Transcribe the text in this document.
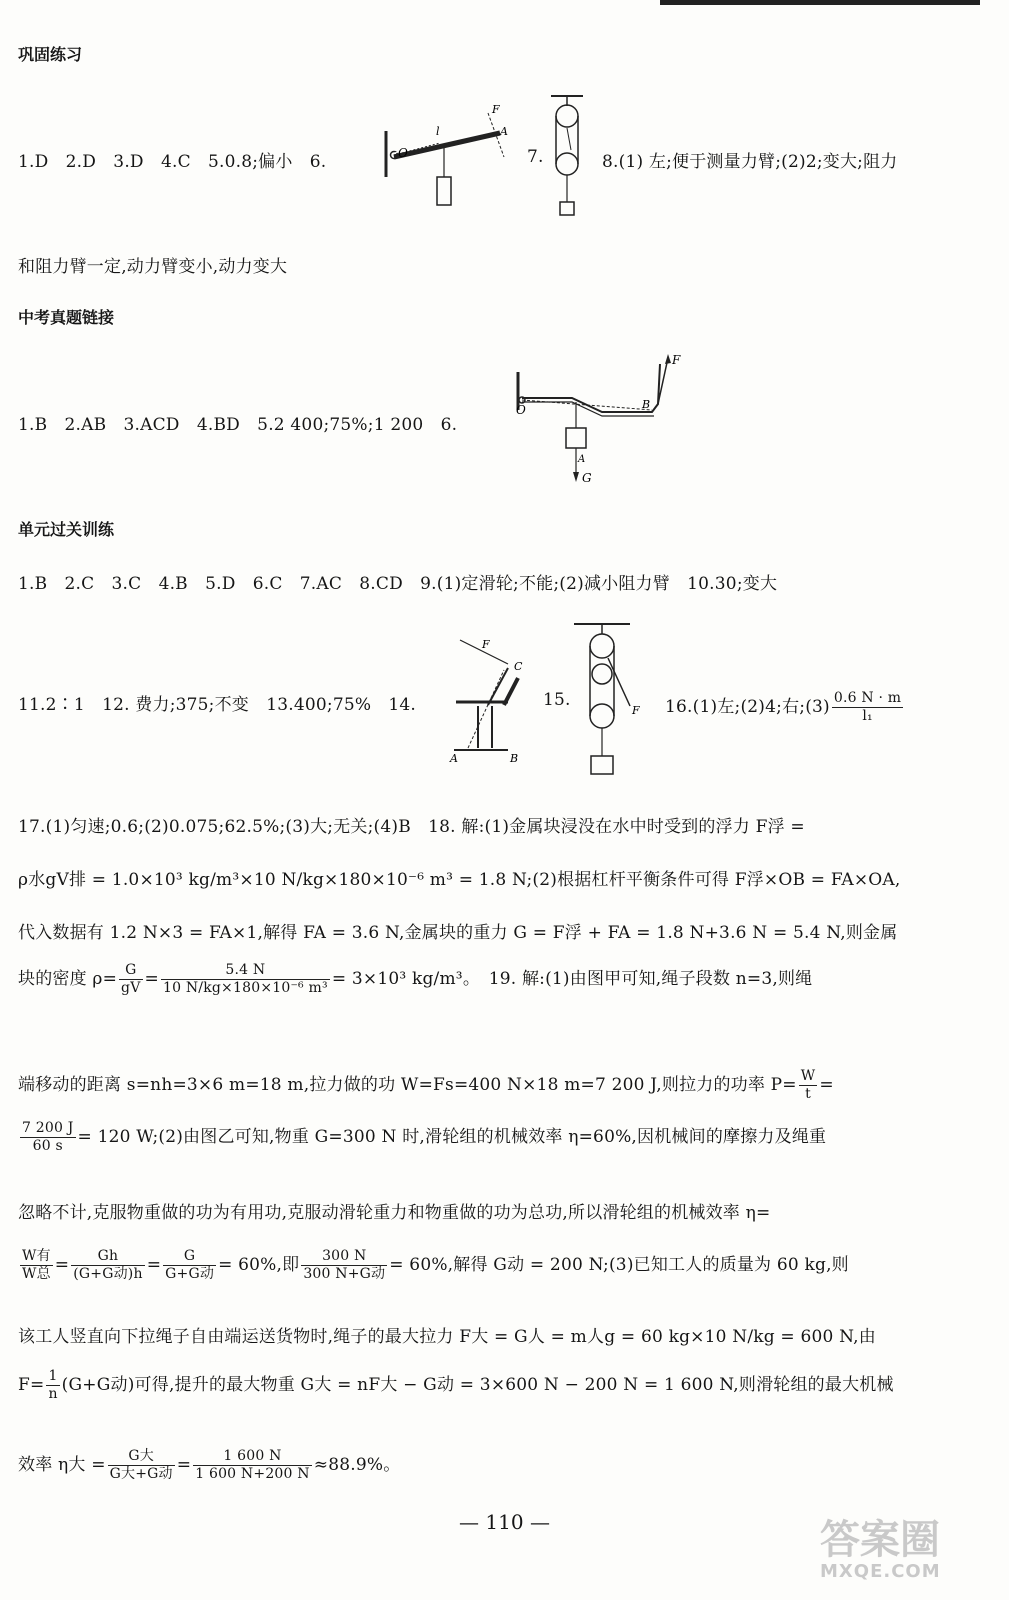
巩固练习
1.D　2.D　3.D　4.C　5.0.8;偏小　6.	O
l	A
F
7.	8.(1) 左;便于测量力臂;(2)2;变大;阻力
和阻力臂一定,动力臂变小,动力变大
中考真题链接
1.B　2.AB　3.ACD　4.BD　5.2 400;75%;1 200　6.
O	B
F
A
G
单元过关训练
1.B　2.C　3.C　4.B　5.D　6.C　7.AC　8.CD　9.(1)定滑轮;不能;(2)减小阻力臂　10.30;变大
11.2∶1　12. 费力;375;不变　13.400;75%　14.
F
C
A	B
15.
F 16.(1)左;(2)4;右;(3) $\frac{0.6 N \cdot m}{\text{l₁}}$
17.(1)匀速;0.6;(2)0.075;62.5%;(3)大;无关;(4)B　18. 解:(1)金属块浸没在水中时受到的浮力 F浮 =
ρ水gV排 = 1.0×10³ kg/m³×10 N/kg×180×10⁻⁶ m³ = 1.8 N;(2)根据杠杆平衡条件可得 F浮×OB = FA×OA,
代入数据有 1.2 N×3 = FA×1,解得 FA = 3.6 N,金属块的重力 G = F浮 + FA = 1.8 N+3.6 N = 5.4 N,则金属
块的密度 $\rho= \frac{G}{gV} = \frac{5.4 N}{\text{10 N/kg×180×10⁻⁶ m³}} = 3\times 10^3$ kg/m³。　19. 解:(1)由图甲可知,绳子段数 n=3,则绳
端移动的距离 s=nh=3×6 m=18 m,拉力做的功 W=Fs=400 N×18 m=7 200 J,则拉力的功率 $P= \frac{W}{t}$ =
$\frac{7 200 J}{60 s} = 120$ W;(2)由图乙可知,物重 G=300 N 时,滑轮组的机械效率 η=60%,因机械间的摩擦力及绳重
忽略不计,克服物重做的功为有用功,克服动滑轮重力和物重做的功为总功,所以滑轮组的机械效率 η=
$\frac{\text{W有}}{\text{W总}} = \frac{Gh}{\text{(G+G动)h}} = \frac{G}{\text{G+G动}} = 60\%$,即 $\frac{300 N}{\text{300 N+G动}} = 60\%$,解得 G动 = 200 N;(3)已知工人的质量为 60 kg,则
该工人竖直向下拉绳子自由端运送货物时,绳子的最大拉力 F大 = G人 = m人g = 60 kg×10 N/kg = 600 N,由
$F= \frac{1}{n} (G+G$动)可得,提升的最大物重 G大 = nF大 − G动 = 3×600 N − 200 N = 1 600 N,则滑轮组的最大机械
效率 η大 = $\frac{\text{G大}}{\text{G大+G动}} = \frac{1 600 N}{1 600 N+200 N} \approx 88.9\%$。
— 110 —	答案圈
MXQE.COM
